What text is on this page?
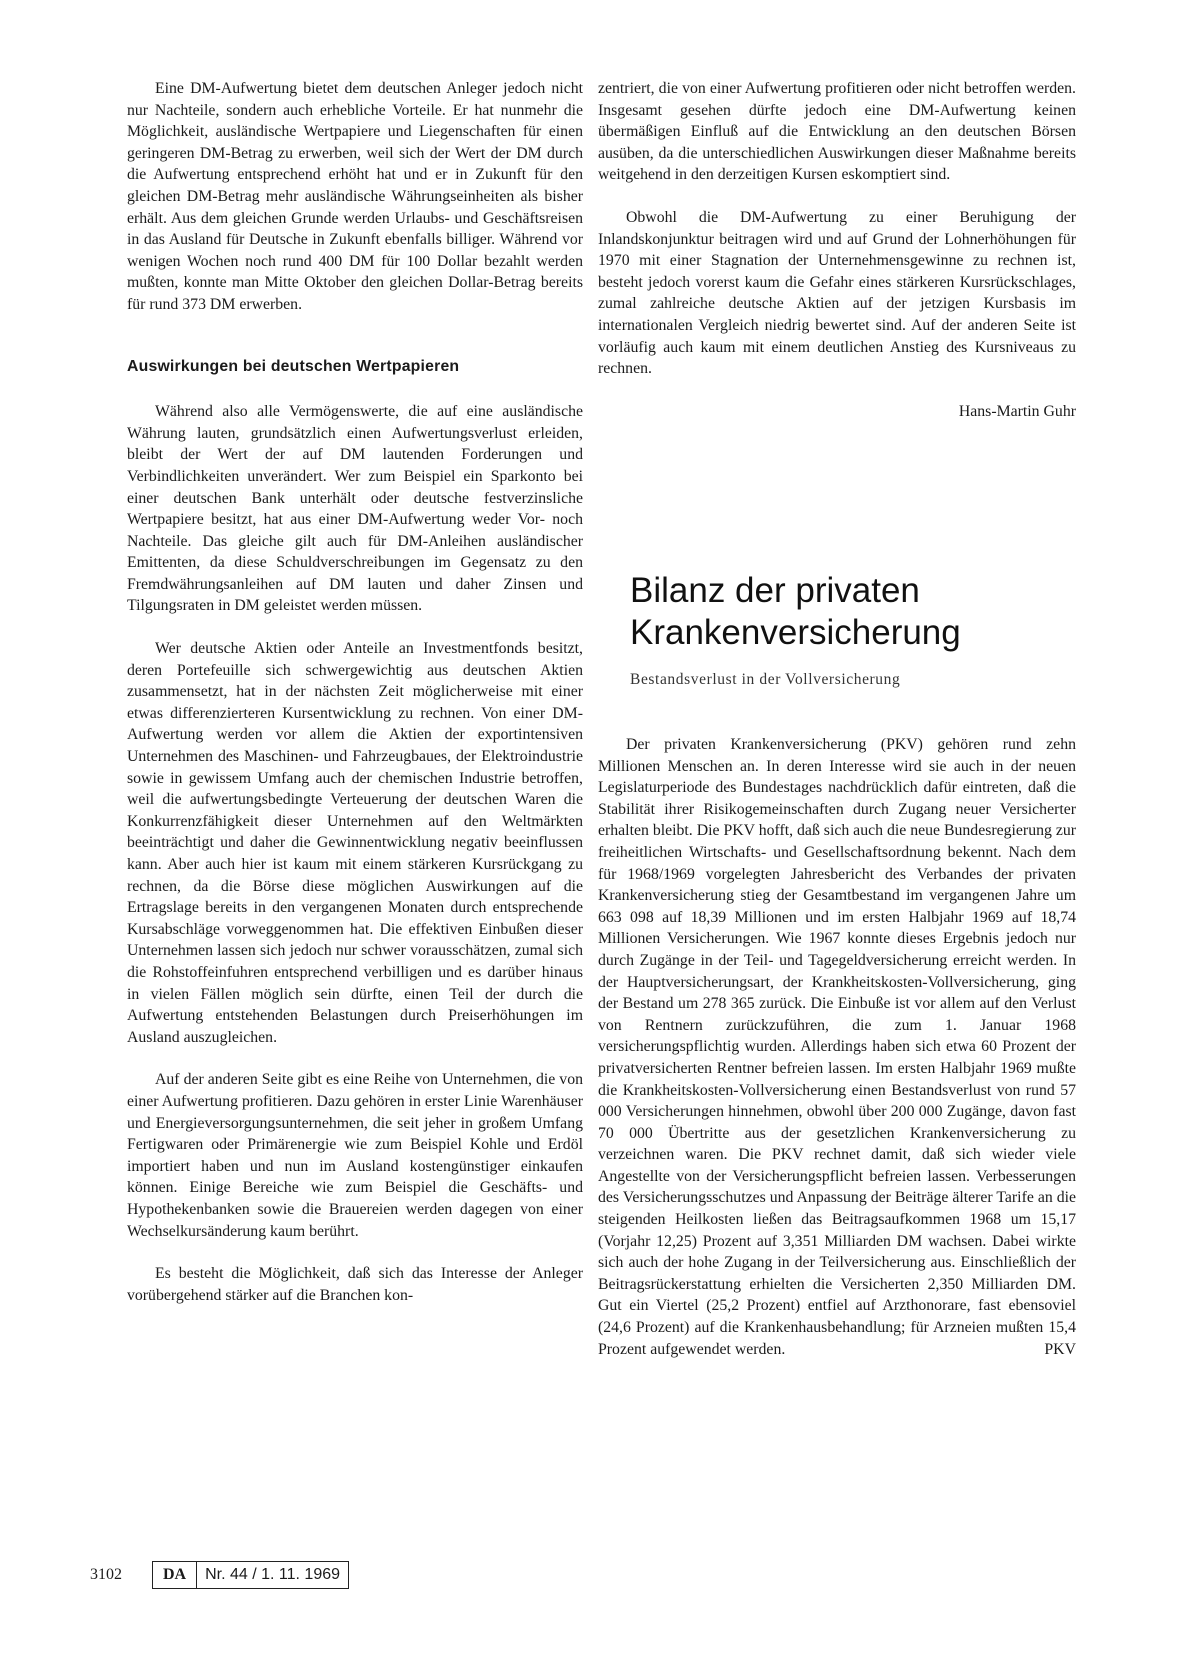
Eine DM-Aufwertung bietet dem deutschen Anleger jedoch nicht nur Nachteile, sondern auch erhebliche Vorteile. Er hat nunmehr die Möglichkeit, ausländische Wertpapiere und Liegenschaften für einen geringeren DM-Betrag zu erwerben, weil sich der Wert der DM durch die Aufwertung entsprechend erhöht hat und er in Zukunft für den gleichen DM-Betrag mehr ausländische Währungseinheiten als bisher erhält. Aus dem gleichen Grunde werden Urlaubs- und Geschäftsreisen in das Ausland für Deutsche in Zukunft ebenfalls billiger. Während vor wenigen Wochen noch rund 400 DM für 100 Dollar bezahlt werden mußten, konnte man Mitte Oktober den gleichen Dollar-Betrag bereits für rund 373 DM erwerben.

Auswirkungen bei deutschen Wertpapieren

Während also alle Vermögenswerte, die auf eine ausländische Währung lauten, grundsätzlich einen Aufwertungsverlust erleiden, bleibt der Wert der auf DM lautenden Forderungen und Verbindlichkeiten unverändert. Wer zum Beispiel ein Sparkonto bei einer deutschen Bank unterhält oder deutsche festverzinsliche Wertpapiere besitzt, hat aus einer DM-Aufwertung weder Vor- noch Nachteile. Das gleiche gilt auch für DM-Anleihen ausländischer Emittenten, da diese Schuldverschreibungen im Gegensatz zu den Fremdwährungsanleihen auf DM lauten und daher Zinsen und Tilgungsraten in DM geleistet werden müssen.

Wer deutsche Aktien oder Anteile an Investmentfonds besitzt, deren Portefeuille sich schwergewichtig aus deutschen Aktien zusammensetzt, hat in der nächsten Zeit möglicherweise mit einer etwas differenzierteren Kursentwicklung zu rechnen. Von einer DM-Aufwertung werden vor allem die Aktien der exportintensiven Unternehmen des Maschinen- und Fahrzeugbaues, der Elektroindustrie sowie in gewissem Umfang auch der chemischen Industrie betroffen, weil die aufwertungsbedingte Verteuerung der deutschen Waren die Konkurrenzfähigkeit dieser Unternehmen auf den Weltmärkten beeinträchtigt und daher die Gewinnentwicklung negativ beeinflussen kann. Aber auch hier ist kaum mit einem stärkeren Kursrückgang zu rechnen, da die Börse diese möglichen Auswirkungen auf die Ertragslage bereits in den vergangenen Monaten durch entsprechende Kursabschläge vorweggenommen hat. Die effektiven Einbußen dieser Unternehmen lassen sich jedoch nur schwer vorausschätzen, zumal sich die Rohstoffeinfuhren entsprechend verbilligen und es darüber hinaus in vielen Fällen möglich sein dürfte, einen Teil der durch die Aufwertung entstehenden Belastungen durch Preiserhöhungen im Ausland auszugleichen.

Auf der anderen Seite gibt es eine Reihe von Unternehmen, die von einer Aufwertung profitieren. Dazu gehören in erster Linie Warenhäuser und Energieversorgungsunternehmen, die seit jeher in großem Umfang Fertigwaren oder Primärenergie wie zum Beispiel Kohle und Erdöl importiert haben und nun im Ausland kostengünstiger einkaufen können. Einige Bereiche wie zum Beispiel die Geschäfts- und Hypothekenbanken sowie die Brauereien werden dagegen von einer Wechselkursänderung kaum berührt.

Es besteht die Möglichkeit, daß sich das Interesse der Anleger vorübergehend stärker auf die Branchen kon-

zentriert, die von einer Aufwertung profitieren oder nicht betroffen werden. Insgesamt gesehen dürfte jedoch eine DM-Aufwertung keinen übermäßigen Einfluß auf die Entwicklung an den deutschen Börsen ausüben, da die unterschiedlichen Auswirkungen dieser Maßnahme bereits weitgehend in den derzeitigen Kursen eskomptiert sind.

Obwohl die DM-Aufwertung zu einer Beruhigung der Inlandskonjunktur beitragen wird und auf Grund der Lohnerhöhungen für 1970 mit einer Stagnation der Unternehmensgewinne zu rechnen ist, besteht jedoch vorerst kaum die Gefahr eines stärkeren Kursrückschlages, zumal zahlreiche deutsche Aktien auf der jetzigen Kursbasis im internationalen Vergleich niedrig bewertet sind. Auf der anderen Seite ist vorläufig auch kaum mit einem deutlichen Anstieg des Kursniveaus zu rechnen.

Hans-Martin Guhr

Bilanz der privaten Krankenversicherung

Bestandsverlust in der Vollversicherung

Der privaten Krankenversicherung (PKV) gehören rund zehn Millionen Menschen an. In deren Interesse wird sie auch in der neuen Legislaturperiode des Bundestages nachdrücklich dafür eintreten, daß die Stabilität ihrer Risikogemeinschaften durch Zugang neuer Versicherter erhalten bleibt. Die PKV hofft, daß sich auch die neue Bundesregierung zur freiheitlichen Wirtschafts- und Gesellschaftsordnung bekennt. Nach dem für 1968/1969 vorgelegten Jahresbericht des Verbandes der privaten Krankenversicherung stieg der Gesamtbestand im vergangenen Jahre um 663 098 auf 18,39 Millionen und im ersten Halbjahr 1969 auf 18,74 Millionen Versicherungen. Wie 1967 konnte dieses Ergebnis jedoch nur durch Zugänge in der Teil- und Tagegeldversicherung erreicht werden. In der Hauptversicherungsart, der Krankheitskosten-Vollversicherung, ging der Bestand um 278 365 zurück. Die Einbuße ist vor allem auf den Verlust von Rentnern zurückzuführen, die zum 1. Januar 1968 versicherungspflichtig wurden. Allerdings haben sich etwa 60 Prozent der privatversicherten Rentner befreien lassen. Im ersten Halbjahr 1969 mußte die Krankheitskosten-Vollversicherung einen Bestandsverlust von rund 57 000 Versicherungen hinnehmen, obwohl über 200 000 Zugänge, davon fast 70 000 Übertritte aus der gesetzlichen Krankenversicherung zu verzeichnen waren. Die PKV rechnet damit, daß sich wieder viele Angestellte von der Versicherungspflicht befreien lassen. Verbesserungen des Versicherungsschutzes und Anpassung der Beiträge älterer Tarife an die steigenden Heilkosten ließen das Beitragsaufkommen 1968 um 15,17 (Vorjahr 12,25) Prozent auf 3,351 Milliarden DM wachsen. Dabei wirkte sich auch der hohe Zugang in der Teilversicherung aus. Einschließlich der Beitragsrückerstattung erhielten die Versicherten 2,350 Milliarden DM. Gut ein Viertel (25,2 Prozent) entfiel auf Arzthonorare, fast ebensoviel (24,6 Prozent) auf die Krankenhausbehandlung; für Arzneien mußten 15,4 Prozent aufgewendet werden.	PKV

3102	DA	Nr. 44 / 1. 11. 1969
